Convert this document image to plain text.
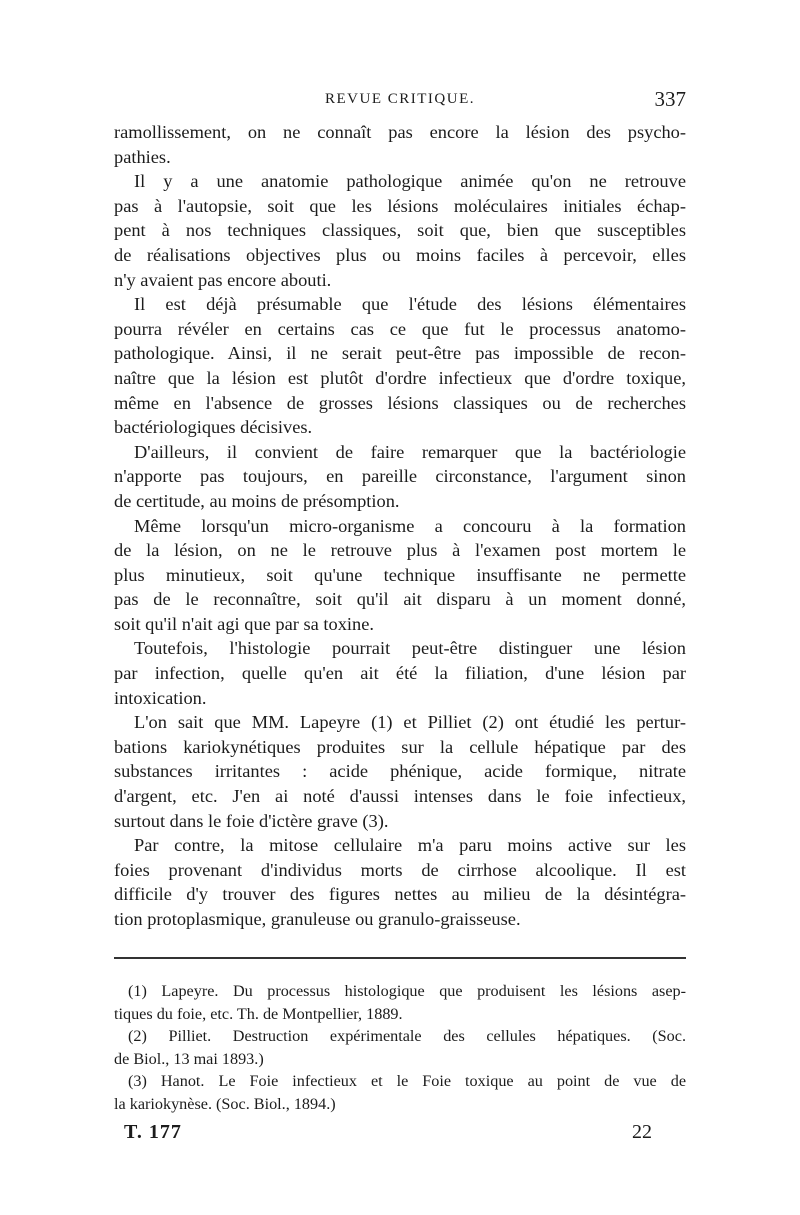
REVUE CRITIQUE.	337
ramollissement, on ne connaît pas encore la lésion des psycho-
pathies.
Il y a une anatomie pathologique animée qu'on ne retrouve
pas à l'autopsie, soit que les lésions moléculaires initiales échap-
pent à nos techniques classiques, soit que, bien que susceptibles
de réalisations objectives plus ou moins faciles à percevoir, elles
n'y avaient pas encore abouti.
Il est déjà présumable que l'étude des lésions élémentaires
pourra révéler en certains cas ce que fut le processus anatomo-
pathologique. Ainsi, il ne serait peut-être pas impossible de recon-
naître que la lésion est plutôt d'ordre infectieux que d'ordre toxique,
même en l'absence de grosses lésions classiques ou de recherches
bactériologiques décisives.
D'ailleurs, il convient de faire remarquer que la bactériologie
n'apporte pas toujours, en pareille circonstance, l'argument sinon
de certitude, au moins de présomption.
Même lorsqu'un micro-organisme a concouru à la formation
de la lésion, on ne le retrouve plus à l'examen post mortem le
plus minutieux, soit qu'une technique insuffisante ne permette
pas de le reconnaître, soit qu'il ait disparu à un moment donné,
soit qu'il n'ait agi que par sa toxine.
Toutefois, l'histologie pourrait peut-être distinguer une lésion
par infection, quelle qu'en ait été la filiation, d'une lésion par
intoxication.
L'on sait que MM. Lapeyre (1) et Pilliet (2) ont étudié les pertur-
bations kariokynétiques produites sur la cellule hépatique par des
substances irritantes : acide phénique, acide formique, nitrate
d'argent, etc. J'en ai noté d'aussi intenses dans le foie infectieux,
surtout dans le foie d'ictère grave (3).
Par contre, la mitose cellulaire m'a paru moins active sur les
foies provenant d'individus morts de cirrhose alcoolique. Il est
difficile d'y trouver des figures nettes au milieu de la désintégra-
tion protoplasmique, granuleuse ou granulo-graisseuse.
(1) Lapeyre. Du processus histologique que produisent les lésions asep-
tiques du foie, etc. Th. de Montpellier, 1889.
(2) Pilliet. Destruction expérimentale des cellules hépatiques. (Soc.
de Biol., 13 mai 1893.)
(3) Hanot. Le Foie infectieux et le Foie toxique au point de vue de
la kariokynèse. (Soc. Biol., 1894.)
T. 177	22
